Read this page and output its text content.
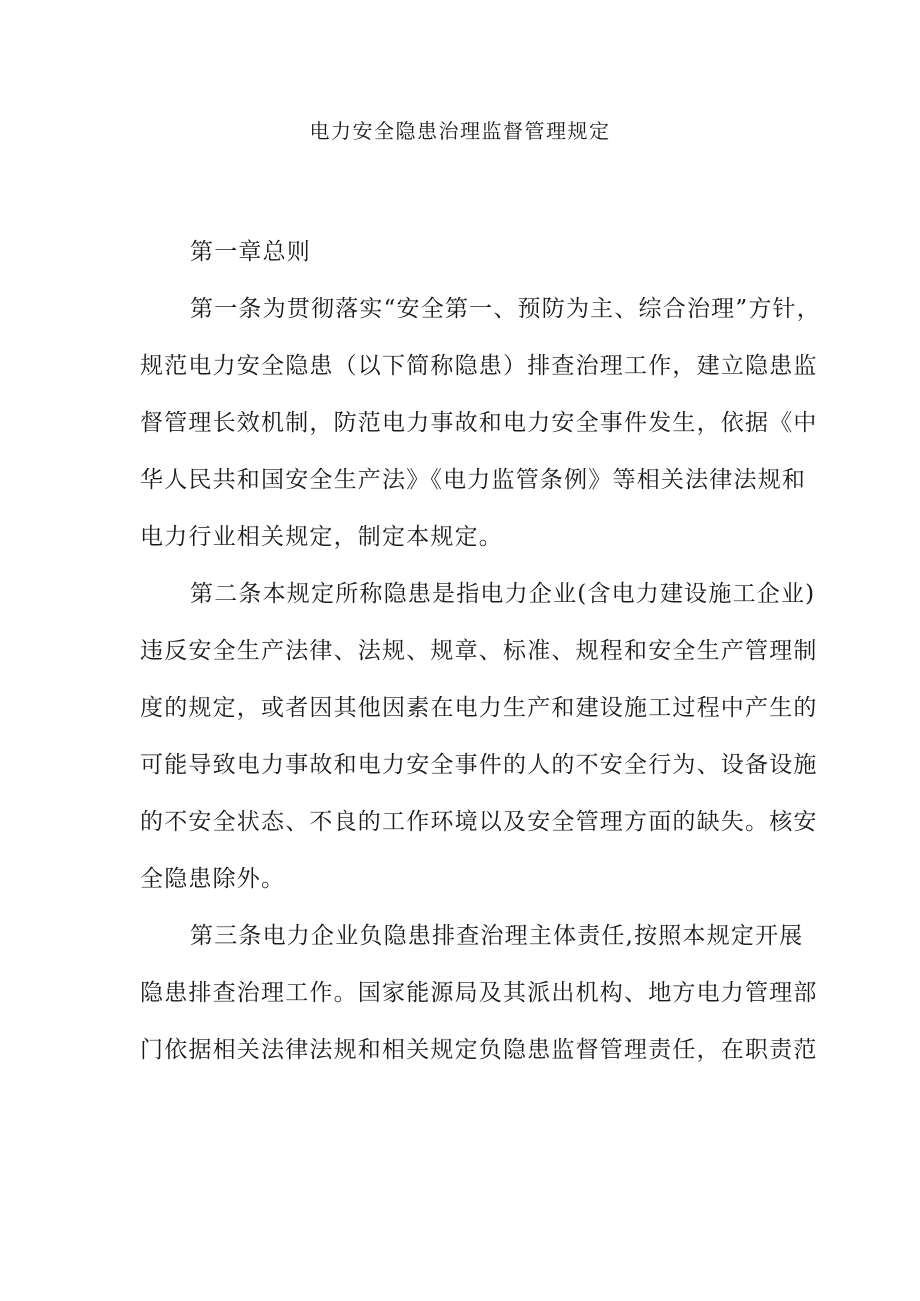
电力安全隐患治理监督管理规定
第一章总则
第一条为贯彻落实“安全第一、预防为主、综合治理”方针，
规范电力安全隐患（以下简称隐患）排查治理工作，建立隐患监
督管理长效机制，防范电力事故和电力安全事件发生，依据《中
华人民共和国安全生产法》《电力监管条例》等相关法律法规和
电力行业相关规定，制定本规定。
第二条本规定所称隐患是指电力企业(含电力建设施工企业)
违反安全生产法律、法规、规章、标准、规程和安全生产管理制
度的规定，或者因其他因素在电力生产和建设施工过程中产生的
可能导致电力事故和电力安全事件的人的不安全行为、设备设施
的不安全状态、不良的工作环境以及安全管理方面的缺失。核安
全隐患除外。
第三条电力企业负隐患排查治理主体责任,按照本规定开展
隐患排查治理工作。国家能源局及其派出机构、地方电力管理部
门依据相关法律法规和相关规定负隐患监督管理责任，在职责范
